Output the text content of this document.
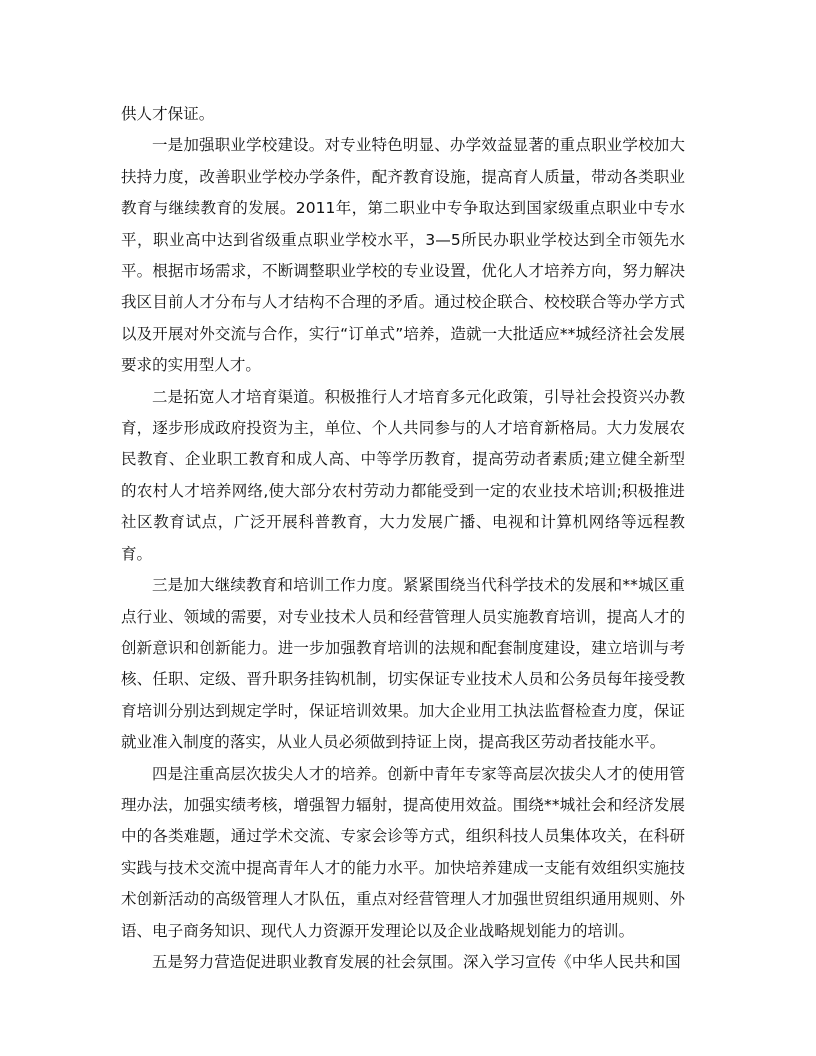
供人才保证。

一是加强职业学校建设。对专业特色明显、办学效益显著的重点职业学校加大扶持力度，改善职业学校办学条件，配齐教育设施，提高育人质量，带动各类职业教育与继续教育的发展。2011年，第二职业中专争取达到国家级重点职业中专水平，职业高中达到省级重点职业学校水平，3—5所民办职业学校达到全市领先水平。根据市场需求，不断调整职业学校的专业设置，优化人才培养方向，努力解决我区目前人才分布与人才结构不合理的矛盾。通过校企联合、校校联合等办学方式以及开展对外交流与合作，实行“订单式”培养，造就一大批适应**城经济社会发展要求的实用型人才。

二是拓宽人才培育渠道。积极推行人才培育多元化政策，引导社会投资兴办教育，逐步形成政府投资为主，单位、个人共同参与的人才培育新格局。大力发展农民教育、企业职工教育和成人高、中等学历教育，提高劳动者素质;建立健全新型的农村人才培养网络,使大部分农村劳动力都能受到一定的农业技术培训;积极推进社区教育试点，广泛开展科普教育，大力发展广播、电视和计算机网络等远程教育。

三是加大继续教育和培训工作力度。紧紧围绕当代科学技术的发展和**城区重点行业、领域的需要，对专业技术人员和经营管理人员实施教育培训，提高人才的创新意识和创新能力。进一步加强教育培训的法规和配套制度建设，建立培训与考核、任职、定级、晋升职务挂钩机制，切实保证专业技术人员和公务员每年接受教育培训分别达到规定学时，保证培训效果。加大企业用工执法监督检查力度，保证就业准入制度的落实，从业人员必须做到持证上岗，提高我区劳动者技能水平。

四是注重高层次拔尖人才的培养。创新中青年专家等高层次拔尖人才的使用管理办法，加强实绩考核，增强智力辐射，提高使用效益。围绕**城社会和经济发展中的各类难题，通过学术交流、专家会诊等方式，组织科技人员集体攻关，在科研实践与技术交流中提高青年人才的能力水平。加快培养建成一支能有效组织实施技术创新活动的高级管理人才队伍，重点对经营管理人才加强世贸组织通用规则、外语、电子商务知识、现代人力资源开发理论以及企业战略规划能力的培训。

五是努力营造促进职业教育发展的社会氛围。深入学习宣传《中华人民共和国
